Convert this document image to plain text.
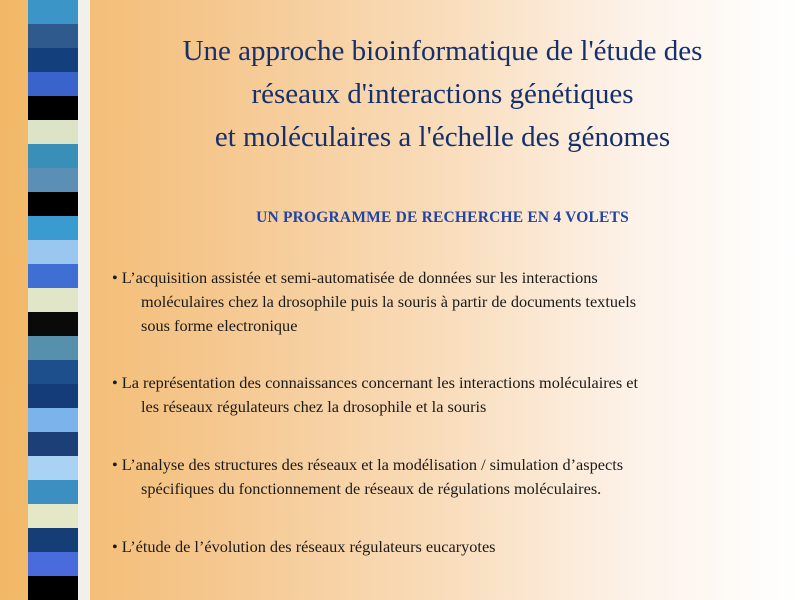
Une approche bioinformatique de l'étude des
réseaux d'interactions génétiques
et moléculaires a l'échelle des génomes
UN PROGRAMME DE RECHERCHE EN 4 VOLETS
• L’acquisition assistée et semi-automatisée de données sur les interactions
moléculaires chez la drosophile puis la souris à partir de documents textuels
sous forme electronique
• La représentation des connaissances concernant les interactions moléculaires et
les réseaux régulateurs chez la drosophile et la souris
• L’analyse des structures des réseaux et la modélisation / simulation d’aspects
spécifiques du fonctionnement de réseaux de régulations moléculaires.
• L’étude de l’évolution des réseaux régulateurs eucaryotes
